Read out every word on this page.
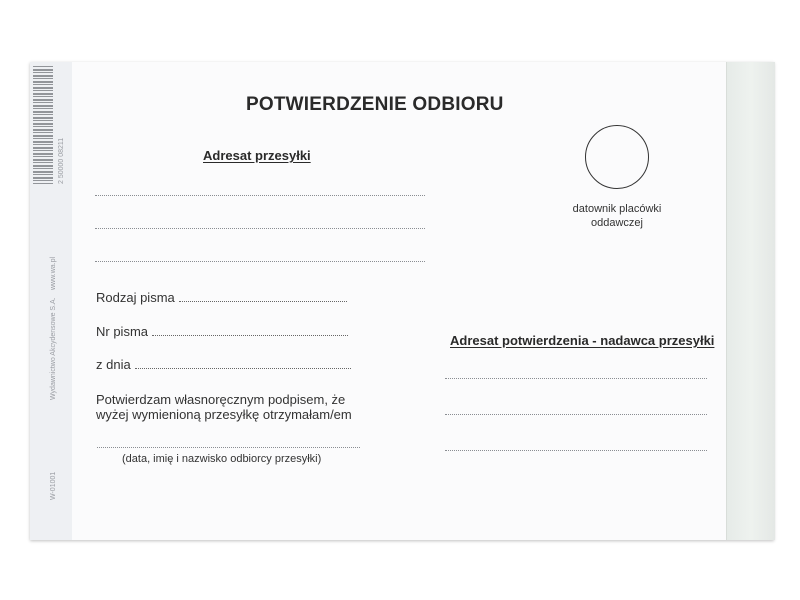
2 50000 08211
www.wa.pl
Wydawnictwo Akcydensowe S.A.
W-01001
POTWIERDZENIE ODBIORU
Adresat przesyłki
Rodzaj pisma
Nr pisma
z dnia
Potwierdzam własnoręcznym podpisem, że wyżej wymienioną przesyłkę otrzymałam/em
(data, imię i nazwisko odbiorcy przesyłki)
datownik placówki
oddawczej
Adresat potwierdzenia - nadawca przesyłki
